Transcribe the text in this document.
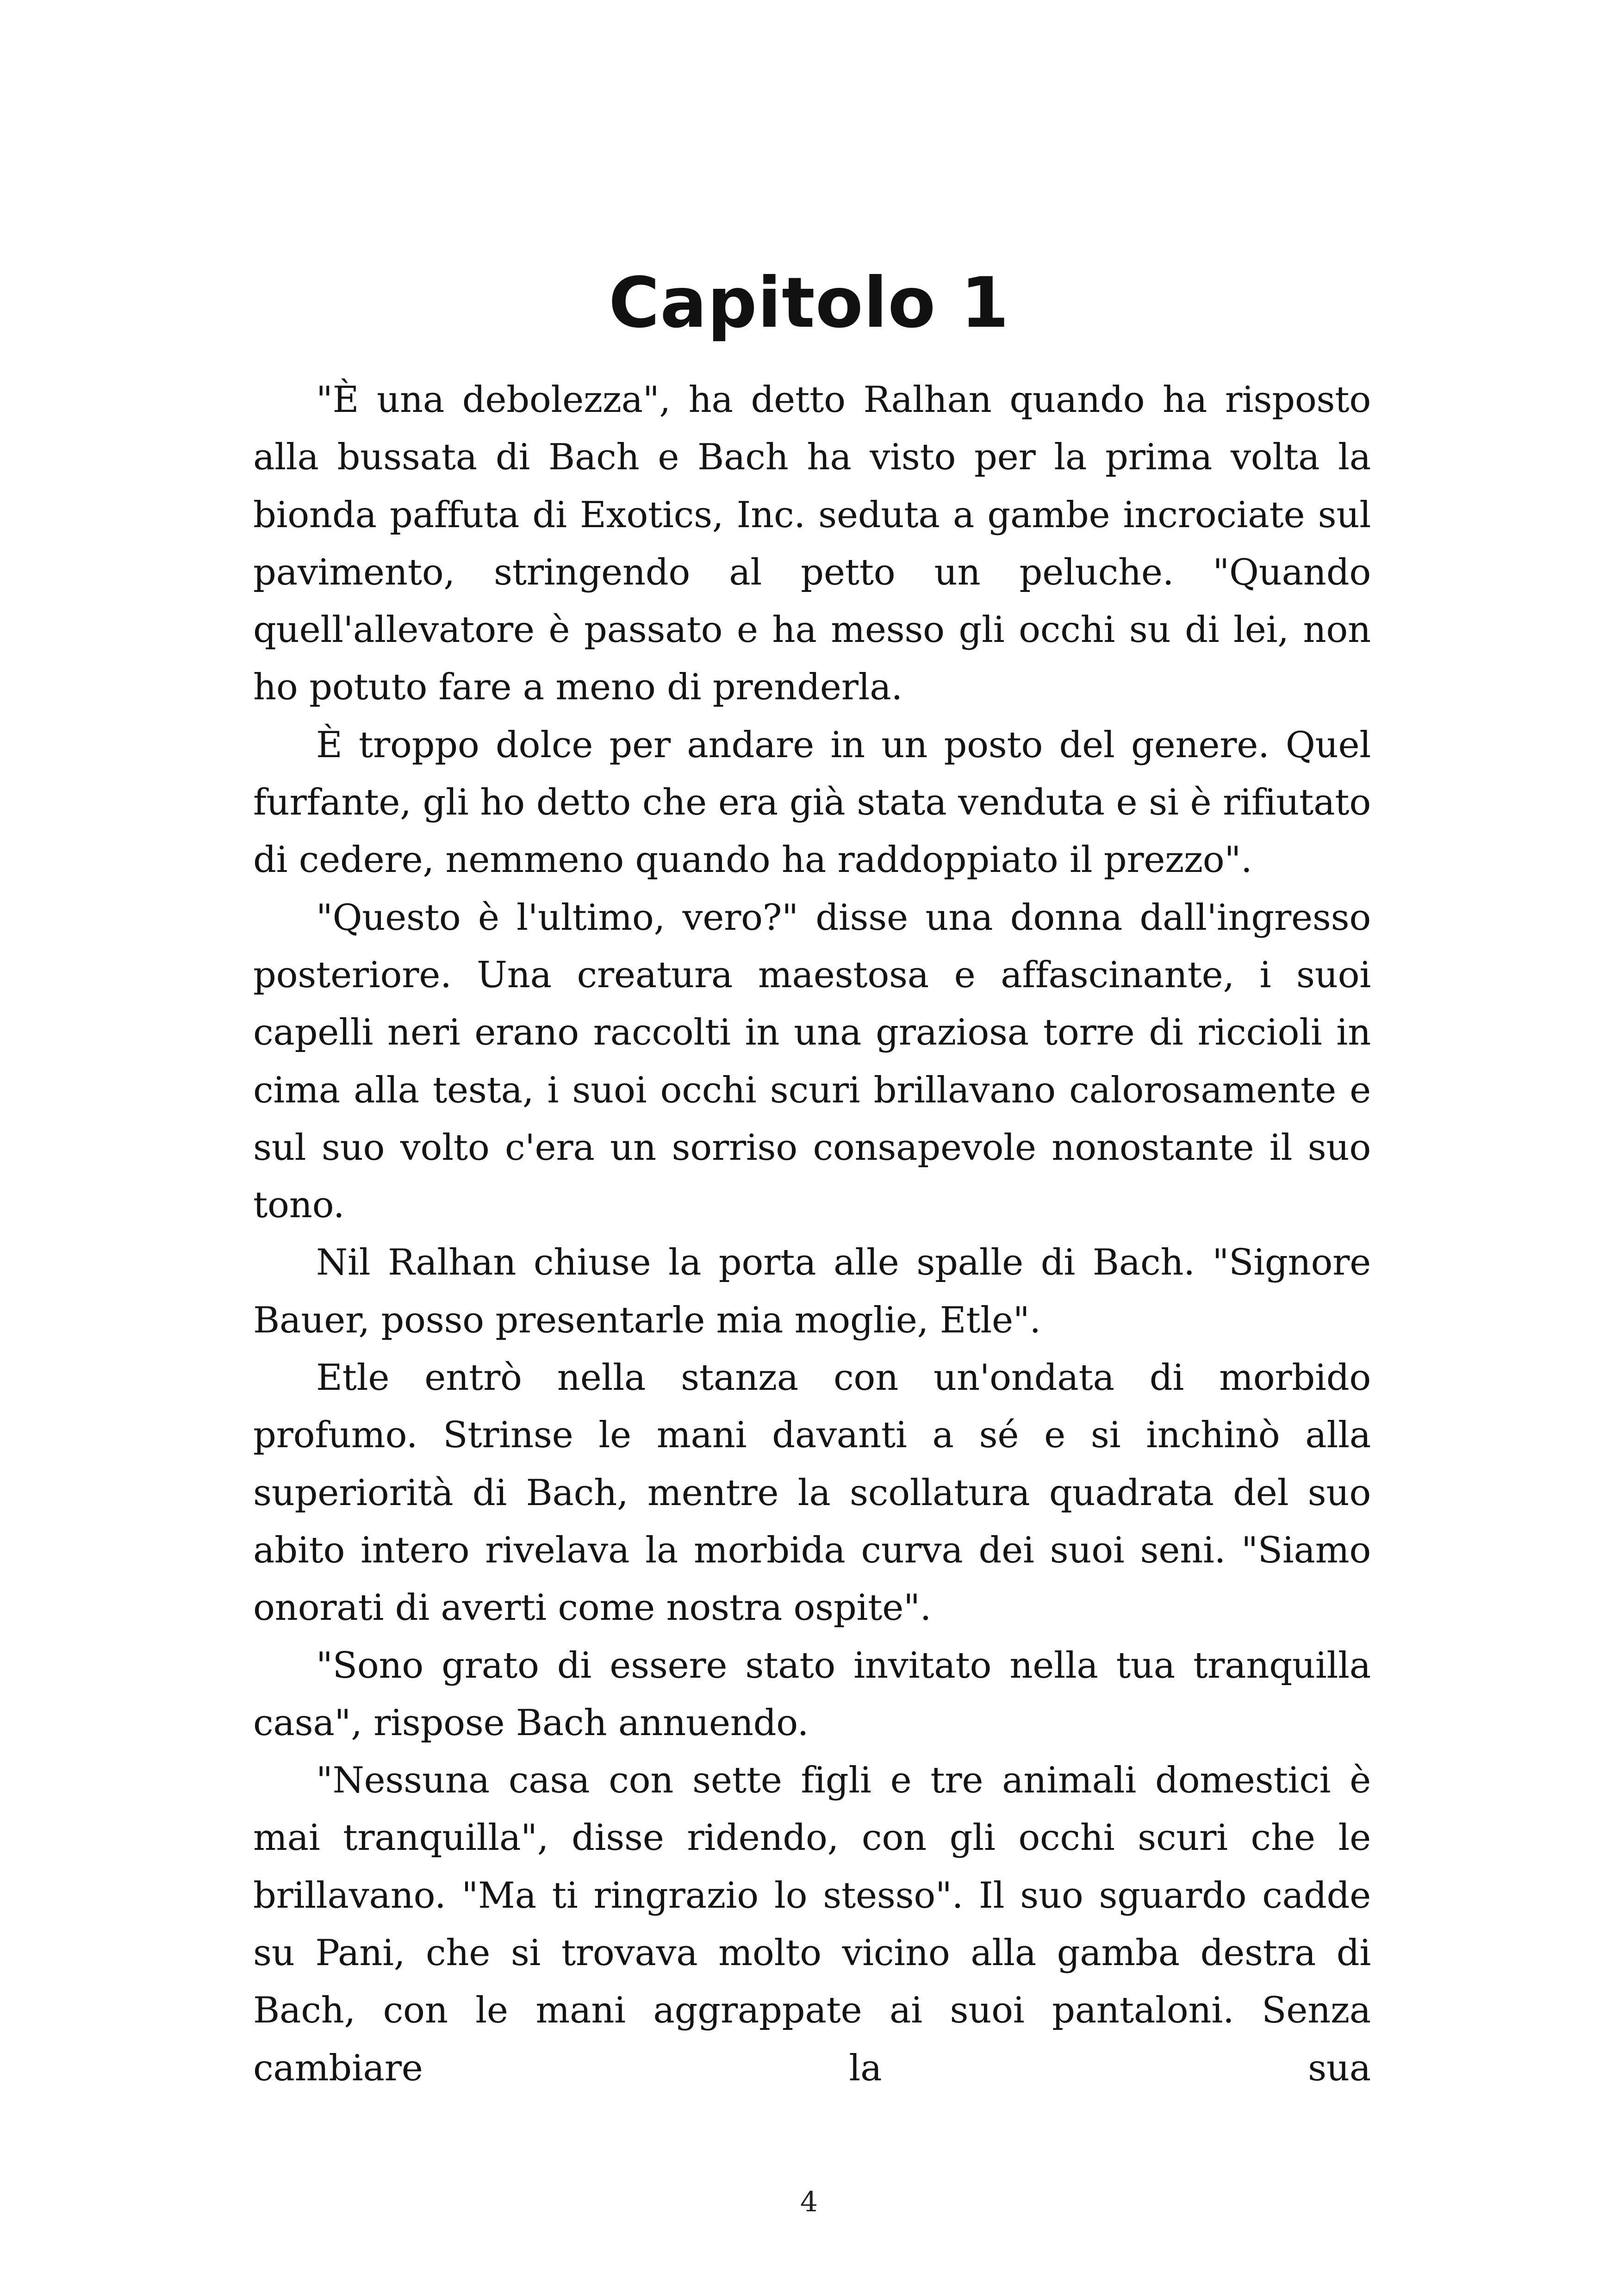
Capitolo 1

"È una debolezza", ha detto Ralhan quando ha risposto alla bussata di Bach e Bach ha visto per la prima volta la bionda paffuta di Exotics, Inc. seduta a gambe incrociate sul pavimento, stringendo al petto un peluche. "Quando quell'allevatore è passato e ha messo gli occhi su di lei, non ho potuto fare a meno di prenderla.

È troppo dolce per andare in un posto del genere. Quel furfante, gli ho detto che era già stata venduta e si è rifiutato di cedere, nemmeno quando ha raddoppiato il prezzo".

"Questo è l'ultimo, vero?" disse una donna dall'ingresso posteriore. Una creatura maestosa e affascinante, i suoi capelli neri erano raccolti in una graziosa torre di riccioli in cima alla testa, i suoi occhi scuri brillavano calorosamente e sul suo volto c'era un sorriso consapevole nonostante il suo tono.

Nil Ralhan chiuse la porta alle spalle di Bach. "Signore Bauer, posso presentarle mia moglie, Etle".

Etle entrò nella stanza con un'ondata di morbido profumo. Strinse le mani davanti a sé e si inchinò alla superiorità di Bach, mentre la scollatura quadrata del suo abito intero rivelava la morbida curva dei suoi seni. "Siamo onorati di averti come nostra ospite".

"Sono grato di essere stato invitato nella tua tranquilla casa", rispose Bach annuendo.

"Nessuna casa con sette figli e tre animali domestici è mai tranquilla", disse ridendo, con gli occhi scuri che le brillavano. "Ma ti ringrazio lo stesso". Il suo sguardo cadde su Pani, che si trovava molto vicino alla gamba destra di Bach, con le mani aggrappate ai suoi pantaloni. Senza cambiare la sua

4
